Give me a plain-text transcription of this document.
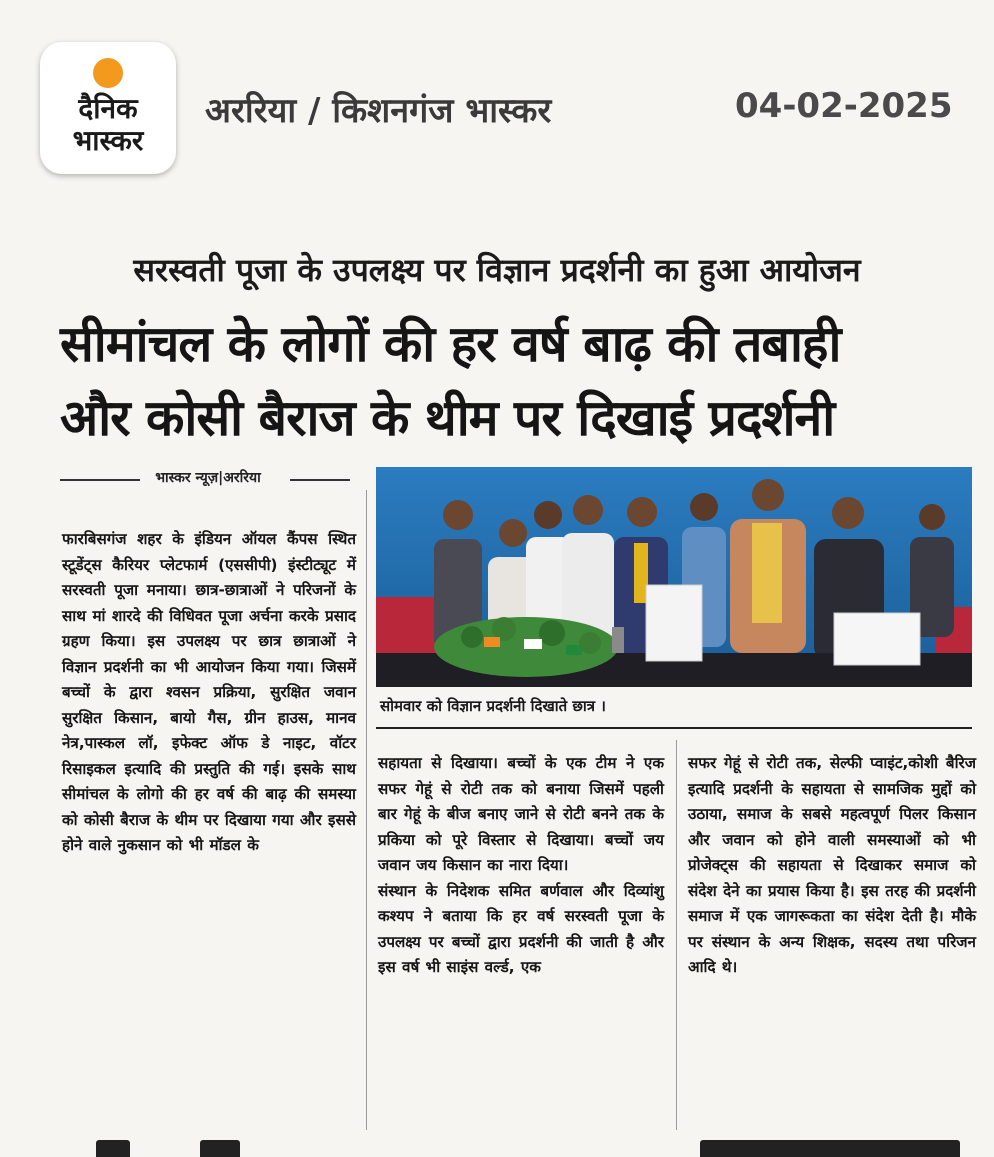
दैनिक
भास्कर
अररिया / किशनगंज भास्कर	04-02-2025
सरस्वती पूजा के उपलक्ष्य पर विज्ञान प्रदर्शनी का हुआ आयोजन
सीमांचल के लोगों की हर वर्ष बाढ़ की तबाही
और कोसी बैराज के थीम पर दिखाई प्रदर्शनी
भास्कर न्यूज़|अररिया
सोमवार को विज्ञान प्रदर्शनी दिखाते छात्र ।

फारबिसगंज शहर के इंडियन ऑयल कैंपस स्थित स्टूडेंट्स कैरियर प्लेटफार्म (एससीपी) इंस्टीट्यूट में सरस्वती पूजा मनाया। छात्र-छात्राओं ने परिजनों के साथ मां शारदे की विधिवत पूजा अर्चना करके प्रसाद ग्रहण किया। इस उपलक्ष्य पर छात्र छात्राओं ने विज्ञान प्रदर्शनी का भी आयोजन किया गया। जिसमें बच्चों के द्वारा श्वसन प्रक्रिया, सुरक्षित जवान सुरक्षित किसान, बायो गैस, ग्रीन हाउस, मानव नेत्र,पास्कल लॉ, इफेक्ट ऑफ डे नाइट, वॉटर रिसाइकल इत्यादि की प्रस्तुति की गई। इसके साथ सीमांचल के लोगो की हर वर्ष की बाढ़ की समस्या को कोसी बैराज के थीम पर दिखाया गया और इससे होने वाले नुकसान को भी मॉडल के

सहायता से दिखाया। बच्चों के एक टीम ने एक सफर गेहूं से रोटी तक को बनाया जिसमें पहली बार गेहूं के बीज बनाए जाने से रोटी बनने तक के प्रकिया को पूरे विस्तार से दिखाया। बच्चों जय जवान जय किसान का नारा दिया।

संस्थान के निदेशक समित बर्णवाल और दिव्यांशु कश्यप ने बताया कि हर वर्ष सरस्वती पूजा के उपलक्ष्य पर बच्चों द्वारा प्रदर्शनी की जाती है और इस वर्ष भी साइंस वर्ल्ड, एक

सफर गेहूं से रोटी तक, सेल्फी प्वाइंट,कोशी बैरिज इत्यादि प्रदर्शनी के सहायता से सामजिक मुद्दों को उठाया, समाज के सबसे महत्वपूर्ण पिलर किसान और जवान को होने वाली समस्याओं को भी प्रोजेक्ट्स की सहायता से दिखाकर समाज को संदेश देने का प्रयास किया है। इस तरह की प्रदर्शनी समाज में एक जागरूकता का संदेश देती है। मौके पर संस्थान के अन्य शिक्षक, सदस्य तथा परिजन आदि थे।
